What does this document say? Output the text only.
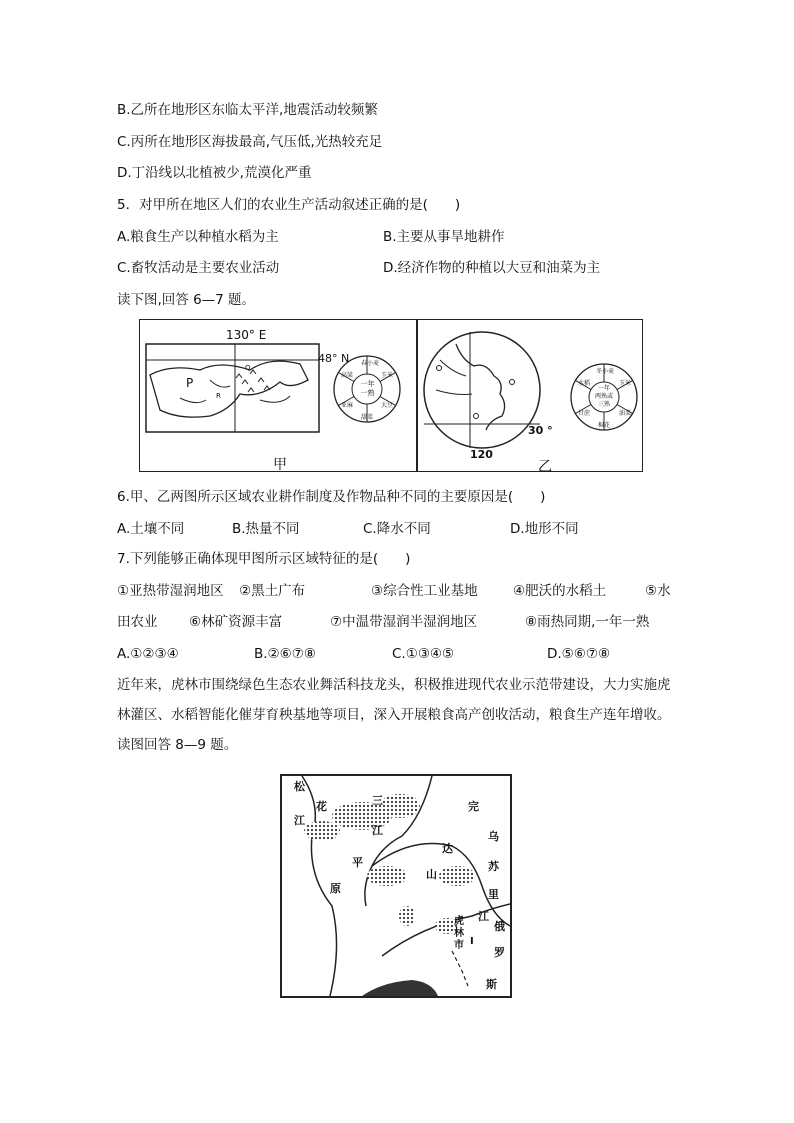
B.乙所在地形区东临太平洋,地震活动较频繁
C.丙所在地形区海拔最高,气压低,光热较充足
D.丁沿线以北植被少,荒漠化严重
5．对甲所在地区人们的农业生产活动叙述正确的是(　　)
A.粮食生产以种植水稻为主	B.主要从事旱地耕作
C.畜牧活动是主要农业活动	D.经济作物的种植以大豆和油菜为主
读下图,回答 6—7 题。
130° E
48° N
P
Q
R
甲
一年
一熟
春小麦
玉米
大豆
甜菜
亚麻
高粱
120
30 °
乙
一年
两熟或
三熟
冬小麦
玉米
油菜
棉花
甘蔗
水稻
6.甲、乙两图所示区域农业耕作制度及作物品种不同的主要原因是(　　)
A.土壤不同	B.热量不同	C.降水不同	D.地形不同
7.下列能够正确体现甲图所示区域特征的是(　　)
①亚热带湿润地区 ②黑土广布	③综合性工业基地	④肥沃的水稻土	⑤水
田农业 ⑥林矿资源丰富	⑦中温带湿润半湿润地区	⑧雨热同期,一年一熟
A.①②③④	B.②⑥⑦⑧	C.①③④⑤	D.⑤⑥⑦⑧
近年来，虎林市围绕绿色生态农业舞活科技龙头，积极推进现代农业示范带建设，大力实施虎林灌区、水稻智能化催芽育秧基地等项目，深入开展粮食高产创收活动，粮食生产连年增收。读图回答 8—9 题。
松
花
江
三
江
平
原
完
达
山
乌
苏
里
江
虎
林
市
俄
罗
斯
I
